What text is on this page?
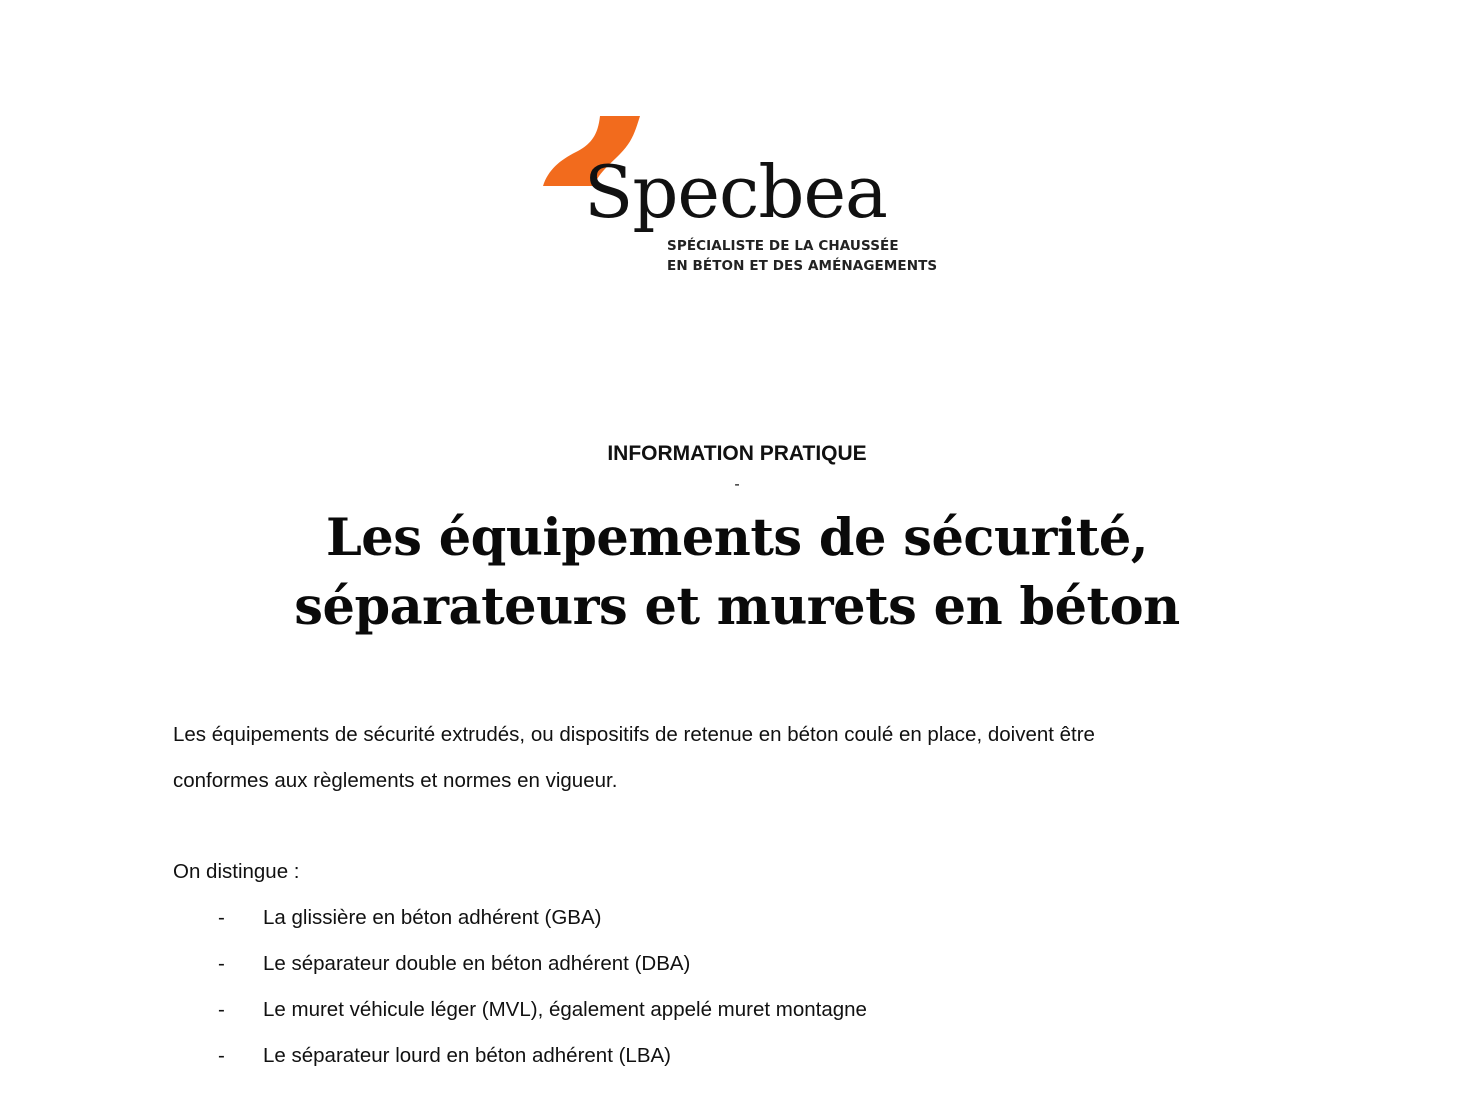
Specbea
SPÉCIALISTE DE LA CHAUSSÉE
EN BÉTON ET DES AMÉNAGEMENTS
INFORMATION PRATIQUE
-
Les équipements de sécurité,
séparateurs et murets en béton

Les équipements de sécurité extrudés, ou dispositifs de retenue en béton coulé en place, doivent être
conformes aux règlements et normes en vigueur.

On distingue :

- La glissière en béton adhérent (GBA)
- Le séparateur double en béton adhérent (DBA)
- Le muret véhicule léger (MVL), également appelé muret montagne
- Le séparateur lourd en béton adhérent (LBA)
